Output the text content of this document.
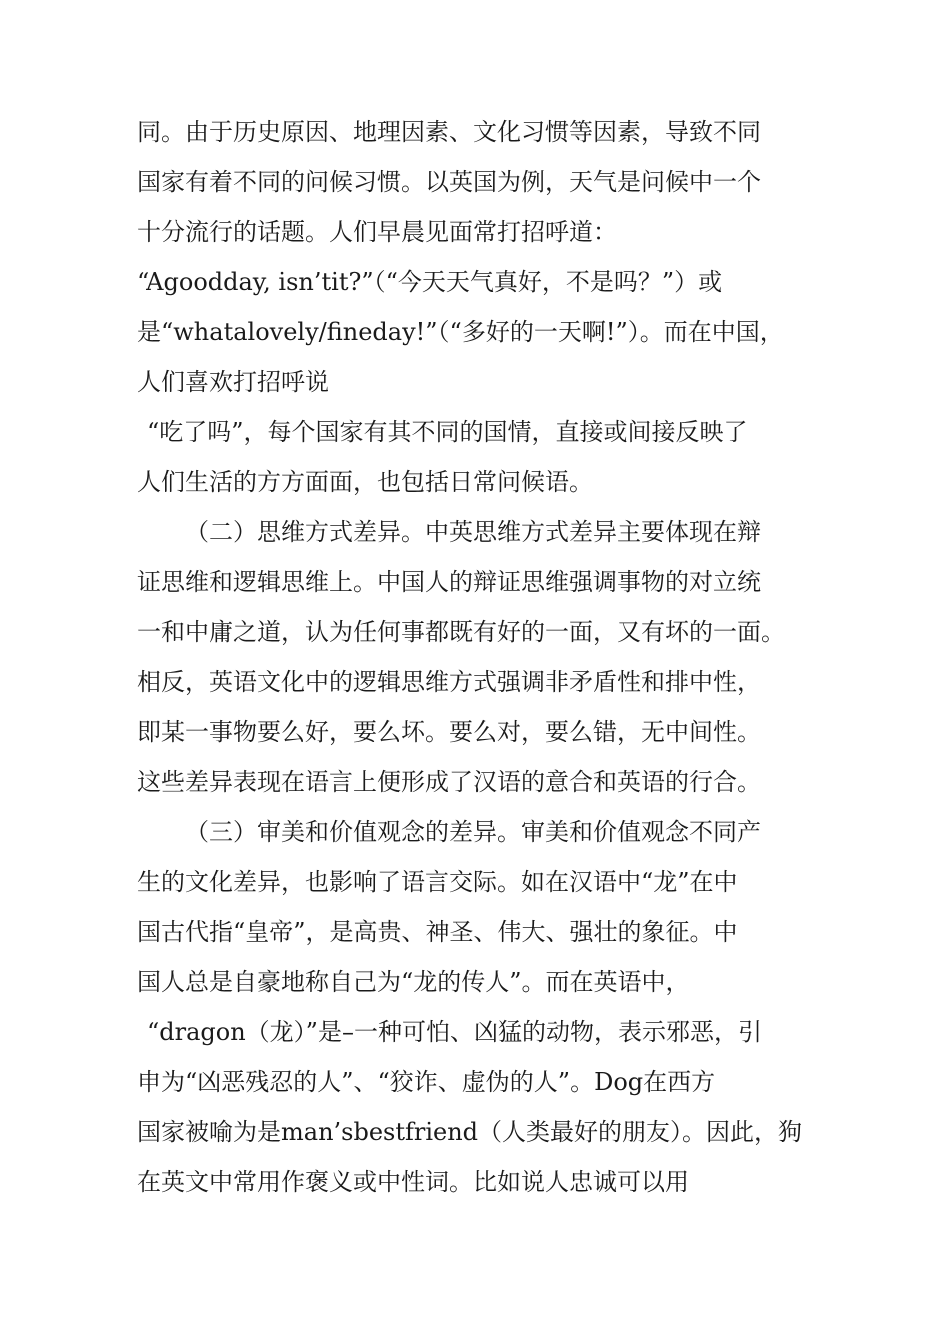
同。由于历史原因、地理因素、文化习惯等因素，导致不同
国家有着不同的问候习惯。以英国为例，天气是问候中一个
十分流行的话题。人们早晨见面常打招呼道：
“Agoodday, isn’tit?”（“今天天气真好，不是吗？”）或
是“whatalovely/fineday!”（“多好的一天啊!”）。而在中国，
人们喜欢打招呼说
“吃了吗”，每个国家有其不同的国情，直接或间接反映了
人们生活的方方面面，也包括日常问候语。
（二）思维方式差异。中英思维方式差异主要体现在辩
证思维和逻辑思维上。中国人的辩证思维强调事物的对立统
一和中庸之道，认为任何事都既有好的一面，又有坏的一面。
相反，英语文化中的逻辑思维方式强调非矛盾性和排中性，
即某一事物要么好，要么坏。要么对，要么错，无中间性。
这些差异表现在语言上便形成了汉语的意合和英语的行合。
（三）审美和价值观念的差异。审美和价值观念不同产
生的文化差异，也影响了语言交际。如在汉语中“龙”在中
国古代指“皇帝”，是高贵、神圣、伟大、强壮的象征。中
国人总是自豪地称自己为“龙的传人”。而在英语中，
“dragon（龙）”是–一种可怕、凶猛的动物，表示邪恶，引
申为“凶恶残忍的人”、“狡诈、虚伪的人”。Dog在西方
国家被喻为是man’sbestfriend（人类最好的朋友）。因此，狗
在英文中常用作褒义或中性词。比如说人忠诚可以用
